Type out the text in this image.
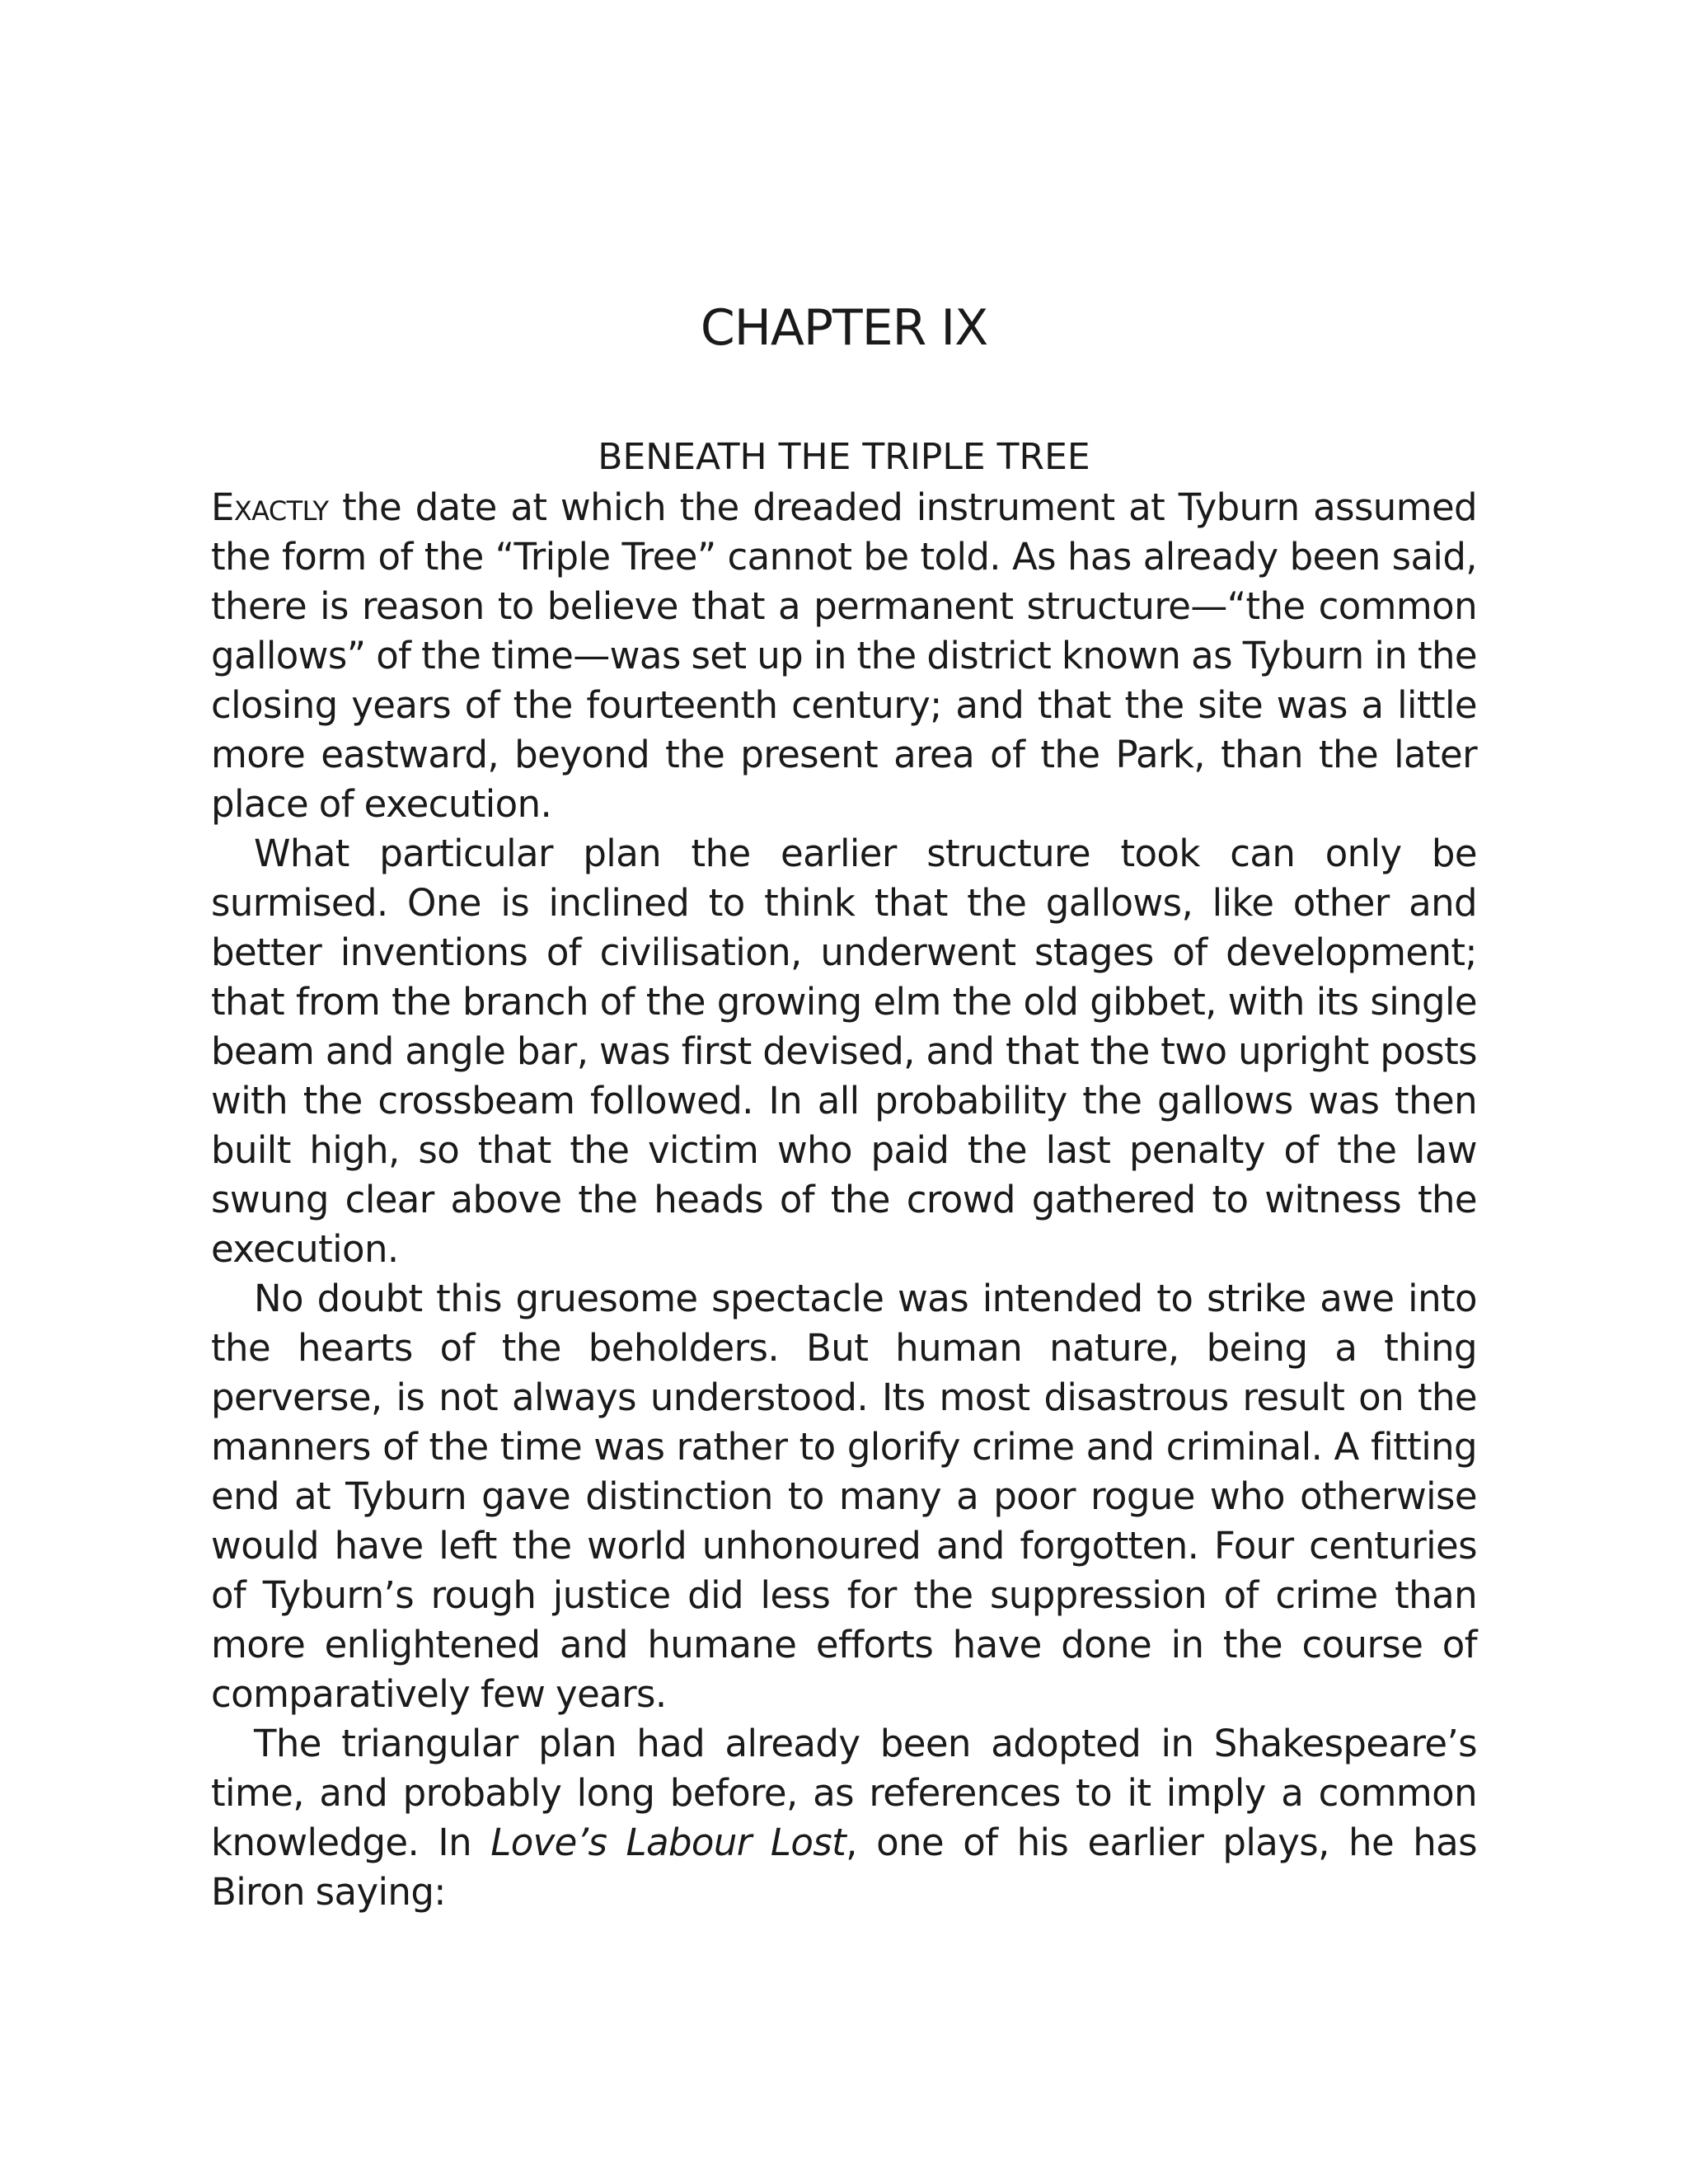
CHAPTER IX
BENEATH THE TRIPLE TREE

Exactly the date at which the dreaded instrument at Tyburn assumed the form of the “Triple Tree” cannot be told. As has already been said, there is reason to believe that a permanent structure—“the common gallows” of the time—was set up in the district known as Tyburn in the closing years of the fourteenth century; and that the site was a little more eastward, beyond the present area of the Park, than the later place of execution.

What particular plan the earlier structure took can only be surmised. One is inclined to think that the gallows, like other and better inventions of civilisation, underwent stages of development; that from the branch of the growing elm the old gibbet, with its single beam and angle bar, was first devised, and that the two upright posts with the crossbeam followed. In all probability the gallows was then built high, so that the victim who paid the last penalty of the law swung clear above the heads of the crowd gathered to witness the execution.

No doubt this gruesome spectacle was intended to strike awe into the hearts of the beholders. But human nature, being a thing perverse, is not always understood. Its most disastrous result on the manners of the time was rather to glorify crime and criminal. A fitting end at Tyburn gave distinction to many a poor rogue who otherwise would have left the world unhonoured and forgotten. Four centuries of Tyburn’s rough justice did less for the suppression of crime than more enlightened and humane efforts have done in the course of comparatively few years.

The triangular plan had already been adopted in Shakespeare’s time, and probably long before, as references to it imply a common knowledge. In Love’s Labour Lost, one of his earlier plays, he has Biron saying:
